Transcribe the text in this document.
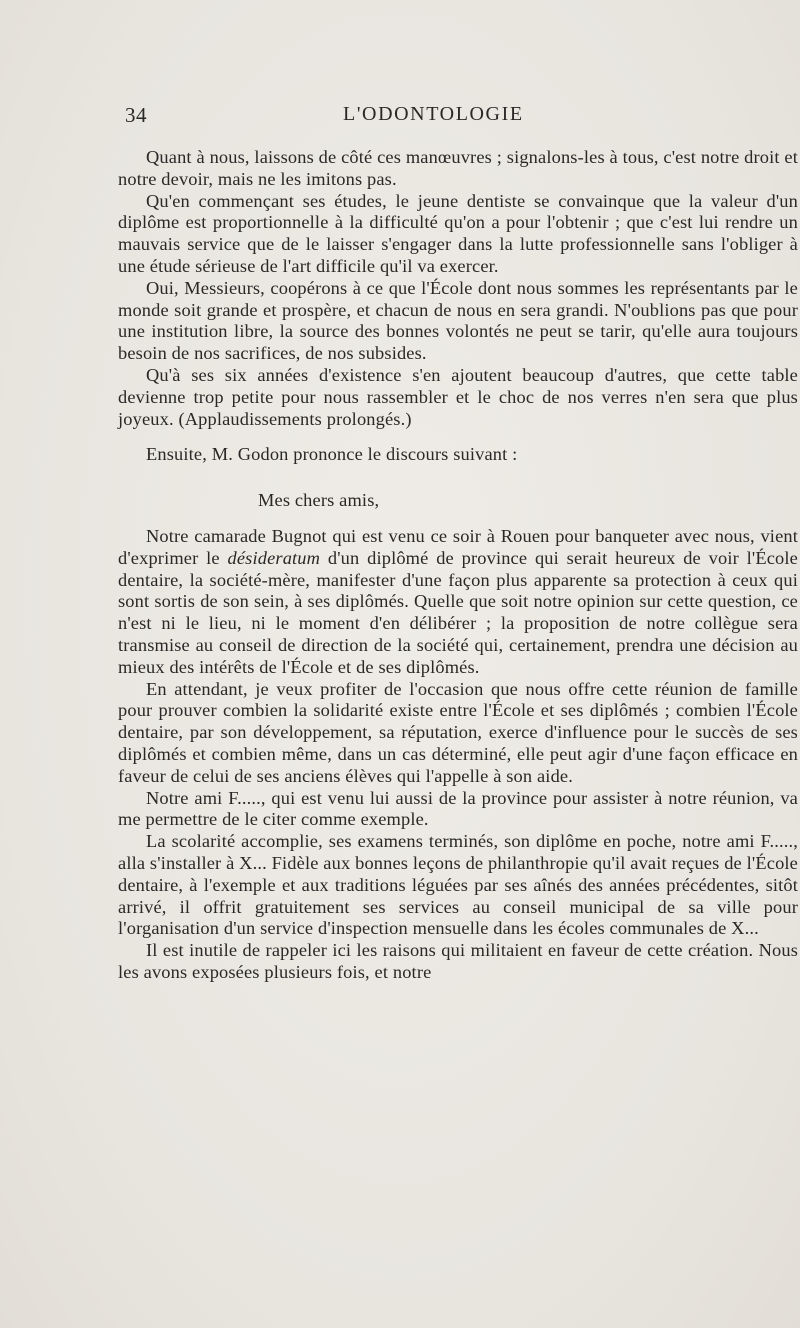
34	L'ODONTOLOGIE

Quant à nous, laissons de côté ces manœuvres ; signalons-les à tous, c'est notre droit et notre devoir, mais ne les imitons pas.

Qu'en commençant ses études, le jeune dentiste se convainque que la valeur d'un diplôme est proportionnelle à la difficulté qu'on a pour l'obtenir ; que c'est lui rendre un mauvais service que de le laisser s'engager dans la lutte professionnelle sans l'obliger à une étude sérieuse de l'art difficile qu'il va exercer.

Oui, Messieurs, coopérons à ce que l'École dont nous sommes les représentants par le monde soit grande et prospère, et chacun de nous en sera grandi. N'oublions pas que pour une institution libre, la source des bonnes volontés ne peut se tarir, qu'elle aura toujours besoin de nos sacrifices, de nos subsides.

Qu'à ses six années d'existence s'en ajoutent beaucoup d'autres, que cette table devienne trop petite pour nous rassembler et le choc de nos verres n'en sera que plus joyeux. (Applaudissements prolongés.)

Ensuite, M. Godon prononce le discours suivant :

Mes chers amis,

Notre camarade Bugnot qui est venu ce soir à Rouen pour banqueter avec nous, vient d'exprimer le désideratum d'un diplômé de province qui serait heureux de voir l'École dentaire, la société-mère, manifester d'une façon plus apparente sa protection à ceux qui sont sortis de son sein, à ses diplômés. Quelle que soit notre opinion sur cette question, ce n'est ni le lieu, ni le moment d'en délibérer ; la proposition de notre collègue sera transmise au conseil de direction de la société qui, certainement, prendra une décision au mieux des intérêts de l'École et de ses diplômés.

En attendant, je veux profiter de l'occasion que nous offre cette réunion de famille pour prouver combien la solidarité existe entre l'École et ses diplômés ; combien l'École dentaire, par son développement, sa réputation, exerce d'influence pour le succès de ses diplômés et combien même, dans un cas déterminé, elle peut agir d'une façon efficace en faveur de celui de ses anciens élèves qui l'appelle à son aide.

Notre ami F....., qui est venu lui aussi de la province pour assister à notre réunion, va me permettre de le citer comme exemple.

La scolarité accomplie, ses examens terminés, son diplôme en poche, notre ami F....., alla s'installer à X... Fidèle aux bonnes leçons de philanthropie qu'il avait reçues de l'École dentaire, à l'exemple et aux traditions léguées par ses aînés des années précédentes, sitôt arrivé, il offrit gratuitement ses services au conseil municipal de sa ville pour l'organisation d'un service d'inspection mensuelle dans les écoles communales de X...

Il est inutile de rappeler ici les raisons qui militaient en faveur de cette création. Nous les avons exposées plusieurs fois, et notre
